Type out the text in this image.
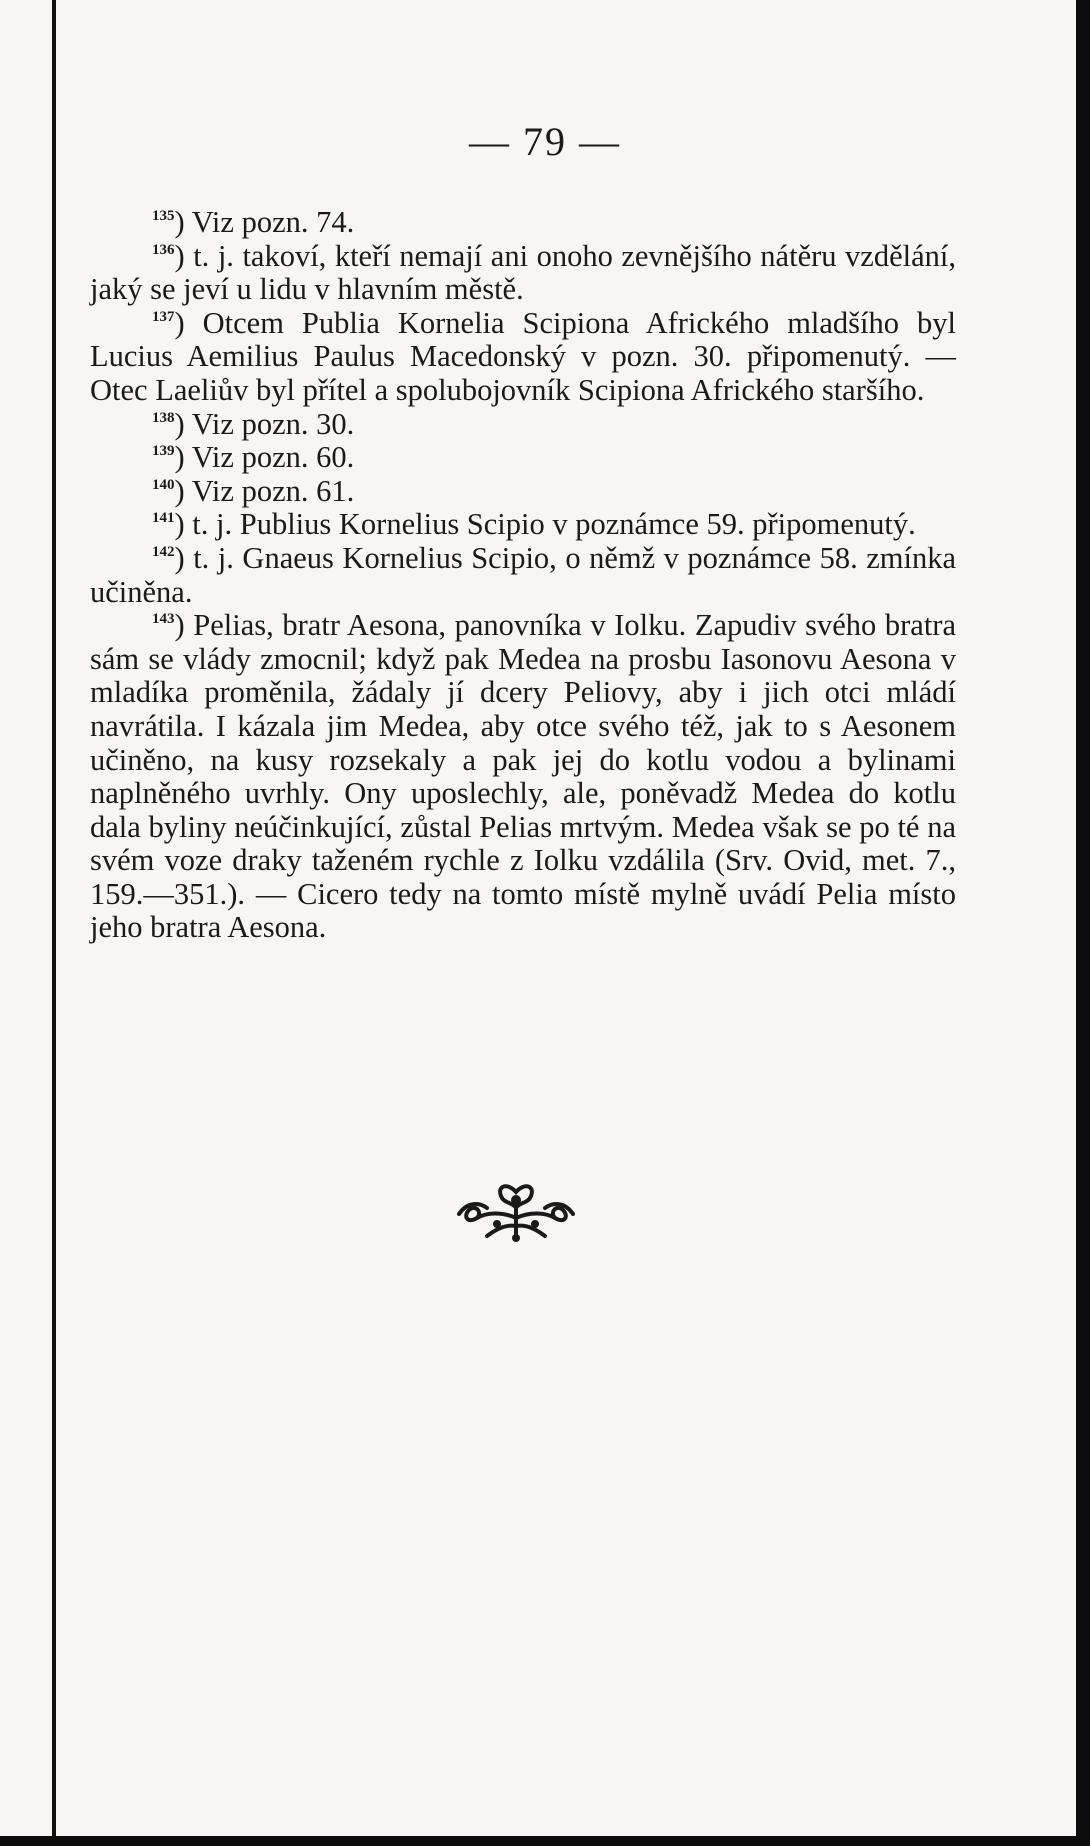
— 79 —

$^{135}$) Viz pozn. 74.

$^{136}$) t. j. takoví, kteří nemají ani onoho zevnějšího nátěru vzdělání, jaký se jeví u lidu v hlavním městě.

$^{137}$) Otcem Publia Kornelia Scipiona Afrického mladšího byl Lucius Aemilius Paulus Macedonský v pozn. 30. připomenutý. — Otec Laeliův byl přítel a spolubojovník Scipiona Afrického staršího.

$^{138}$) Viz pozn. 30.

$^{139}$) Viz pozn. 60.

$^{140}$) Viz pozn. 61.

$^{141}$) t. j. Publius Kornelius Scipio v poznámce 59. připomenutý.

$^{142}$) t. j. Gnaeus Kornelius Scipio, o němž v poznámce 58. zmínka učiněna.

$^{143}$) Pelias, bratr Aesona, panovníka v Iolku. Zapudiv svého bratra sám se vlády zmocnil; když pak Medea na prosbu Iasonovu Aesona v mladíka proměnila, žádaly jí dcery Peliovy, aby i jich otci mládí navrátila. I kázala jim Medea, aby otce svého též, jak to s Aesonem učiněno, na kusy rozsekaly a pak jej do kotlu vodou a bylinami naplněného uvrhly. Ony uposlechly, ale, poněvadž Medea do kotlu dala byliny neúčinkující, zůstal Pelias mrtvým. Medea však se po té na svém voze draky taženém rychle z Iolku vzdálila (Srv. Ovid, met. 7., 159.—351.). — Cicero tedy na tomto místě mylně uvádí Pelia místo jeho bratra Aesona.
